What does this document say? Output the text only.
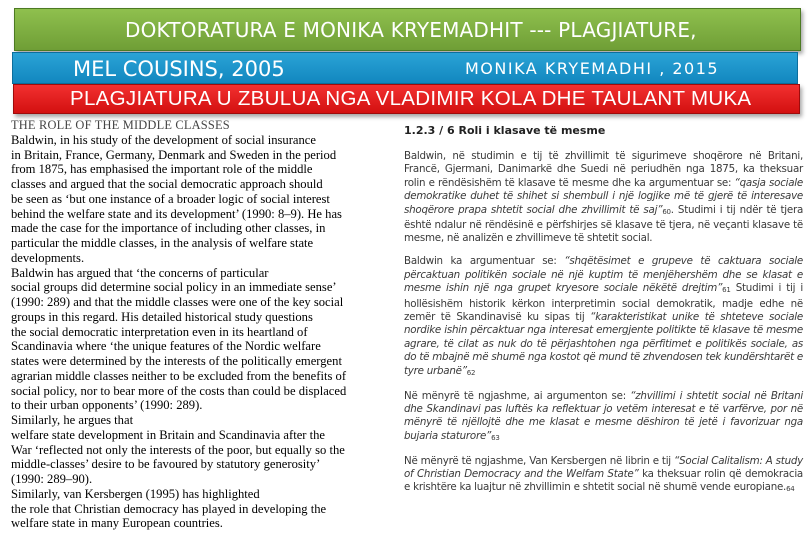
DOKTORATURA E MONIKA KRYEMADHIT --- PLAGJIATURE,
MEL COUSINS, 2005	MONIKA KRYEMADHI , 2015
PLAGJIATURA U ZBULUA NGA VLADIMIR KOLA DHE TAULANT MUKA
THE ROLE OF THE MIDDLE CLASSES
Baldwin, in his study of the development of social insurance
in Britain, France, Germany, Denmark and Sweden in the period
from 1875, has emphasised the important role of the middle
classes and argued that the social democratic approach should
be seen as ‘but one instance of a broader logic of social interest
behind the welfare state and its development’ (1990: 8–9). He has
made the case for the importance of including other classes, in
particular the middle classes, in the analysis of welfare state
developments.
Baldwin has argued that ‘the concerns of particular
social groups did determine social policy in an immediate sense’
(1990: 289) and that the middle classes were one of the key social
groups in this regard. His detailed historical study questions
the social democratic interpretation even in its heartland of
Scandinavia where ‘the unique features of the Nordic welfare
states were determined by the interests of the politically emergent
agrarian middle classes neither to be excluded from the benefits of
social policy, nor to bear more of the costs than could be displaced
to their urban opponents’ (1990: 289).
Similarly, he argues that
welfare state development in Britain and Scandinavia after the
War ‘reflected not only the interests of the poor, but equally so the
middle-classes’ desire to be favoured by statutory generosity’
(1990: 289–90).
Similarly, van Kersbergen (1995) has highlighted
the role that Christian democracy has played in developing the
welfare state in many European countries.
1.2.3 / 6 Roli i klasave të mesme

Baldwin, në studimin e tij të zhvillimit të sigurimeve shoqërore në Britani, Francë, Gjermani, Danimarkë dhe Suedi në periudhën nga 1875, ka theksuar rolin e rëndësishëm të klasave të mesme dhe ka argumentuar se: “qasja sociale demokratike duhet të shihet si shembull i një logjike më të gjerë të interesave shoqërore prapa shtetit social dhe zhvillimit të saj”60. Studimi i tij ndër të tjera është ndalur në rëndësinë e përfshirjes së klasave të tjera, në veçanti klasave të mesme, në analizën e zhvillimeve të shtetit social.

Baldwin ka argumentuar se: “shqëtësimet e grupeve të caktuara sociale përcaktuan politikën sociale në një kuptim të menjëhershëm dhe se klasat e mesme ishin një nga grupet kryesore sociale nëkëtë drejtim”61 Studimi i tij i hollësishëm historik kërkon interpretimin social demokratik, madje edhe në zemër të Skandinavisë ku sipas tij “karakteristikat unike të shteteve sociale nordike ishin përcaktuar nga interesat emergjente politikte të klasave të mesme agrare, të cilat as nuk do të përjashtohen nga përfitimet e politikës sociale, as do të mbajnë më shumë nga kostot që mund të zhvendosen tek kundërshtarët e tyre urbanë”62

Në mënyrë të ngjashme, ai argumenton se: “zhvillimi i shtetit social në Britani dhe Skandinavi pas luftës ka reflektuar jo vetëm interesat e të varfërve, por në mënyrë të njëllojtë dhe me klasat e mesme dëshiron të jetë i favorizuar nga bujaria staturore”63

Në mënyrë të ngjashme, Van Kersbergen në librin e tij “Social Calitalism: A study of Christian Democracy and the Welfam State” ka theksuar rolin që demokracia e krishtëre ka luajtur në zhvillimin e shtetit social në shumë vende europiane.64
